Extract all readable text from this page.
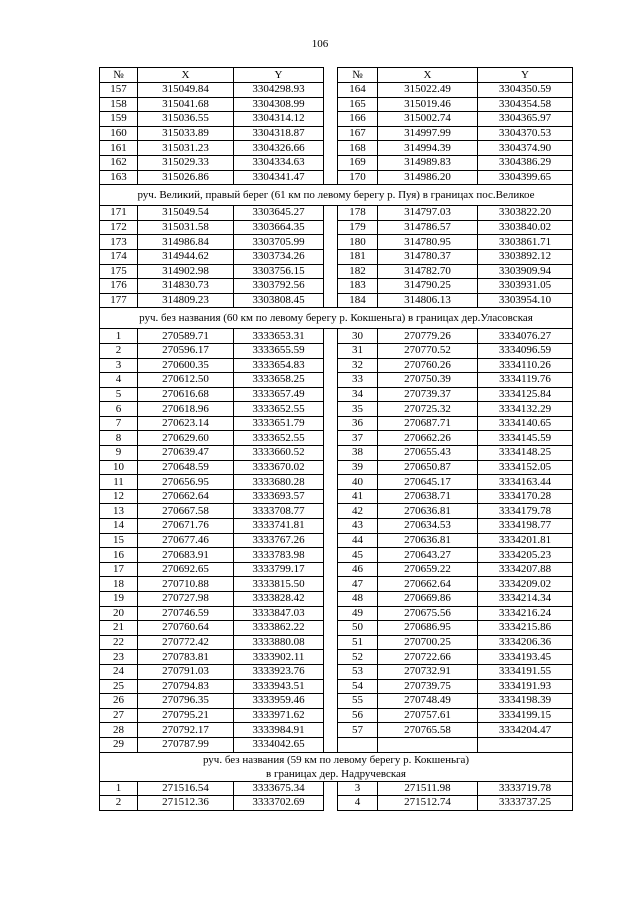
106
№	X	Y		№	X	Y
157	315049.84	3304298.93		164	315022.49	3304350.59
158	315041.68	3304308.99		165	315019.46	3304354.58
159	315036.55	3304314.12		166	315002.74	3304365.97
160	315033.89	3304318.87		167	314997.99	3304370.53
161	315031.23	3304326.66		168	314994.39	3304374.90
162	315029.33	3304334.63		169	314989.83	3304386.29
163	315026.86	3304341.47		170	314986.20	3304399.65
руч. Великий, правый берег (61 км по левому берегу р. Пуя) в границах пос.Великое						
171	315049.54	3303645.27		178	314797.03	3303822.20
172	315031.58	3303664.35		179	314786.57	3303840.02
173	314986.84	3303705.99		180	314780.95	3303861.71
174	314944.62	3303734.26		181	314780.37	3303892.12
175	314902.98	3303756.15		182	314782.70	3303909.94
176	314830.73	3303792.56		183	314790.25	3303931.05
177	314809.23	3303808.45		184	314806.13	3303954.10
руч. без названия (60 км по левому берегу р. Кокшеньга) в границах дер.Уласовская						
1	270589.71	3333653.31		30	270779.26	3334076.27
2	270596.17	3333655.59		31	270770.52	3334096.59
3	270600.35	3333654.83		32	270760.26	3334110.26
4	270612.50	3333658.25		33	270750.39	3334119.76
5	270616.68	3333657.49		34	270739.37	3334125.84
6	270618.96	3333652.55		35	270725.32	3334132.29
7	270623.14	3333651.79		36	270687.71	3334140.65
8	270629.60	3333652.55		37	270662.26	3334145.59
9	270639.47	3333660.52		38	270655.43	3334148.25
10	270648.59	3333670.02		39	270650.87	3334152.05
11	270656.95	3333680.28		40	270645.17	3334163.44
12	270662.64	3333693.57		41	270638.71	3334170.28
13	270667.58	3333708.77		42	270636.81	3334179.78
14	270671.76	3333741.81		43	270634.53	3334198.77
15	270677.46	3333767.26		44	270636.81	3334201.81
16	270683.91	3333783.98		45	270643.27	3334205.23
17	270692.65	3333799.17		46	270659.22	3334207.88
18	270710.88	3333815.50		47	270662.64	3334209.02
19	270727.98	3333828.42		48	270669.86	3334214.34
20	270746.59	3333847.03		49	270675.56	3334216.24
21	270760.64	3333862.22		50	270686.95	3334215.86
22	270772.42	3333880.08		51	270700.25	3334206.36
23	270783.81	3333902.11		52	270722.66	3334193.45
24	270791.03	3333923.76		53	270732.91	3334191.55
25	270794.83	3333943.51		54	270739.75	3334191.93
26	270796.35	3333959.46		55	270748.49	3334198.39
27	270795.21	3333971.62		56	270757.61	3334199.15
28	270792.17	3333984.91		57	270765.58	3334204.47
29	270787.99	3334042.65				
руч. без названия (59 км по левому берегу р. Кокшеньга)						
в границах дер. Надручевская						
1	271516.54	3333675.34		3	271511.98	3333719.78
2	271512.36	3333702.69		4	271512.74	3333737.25
